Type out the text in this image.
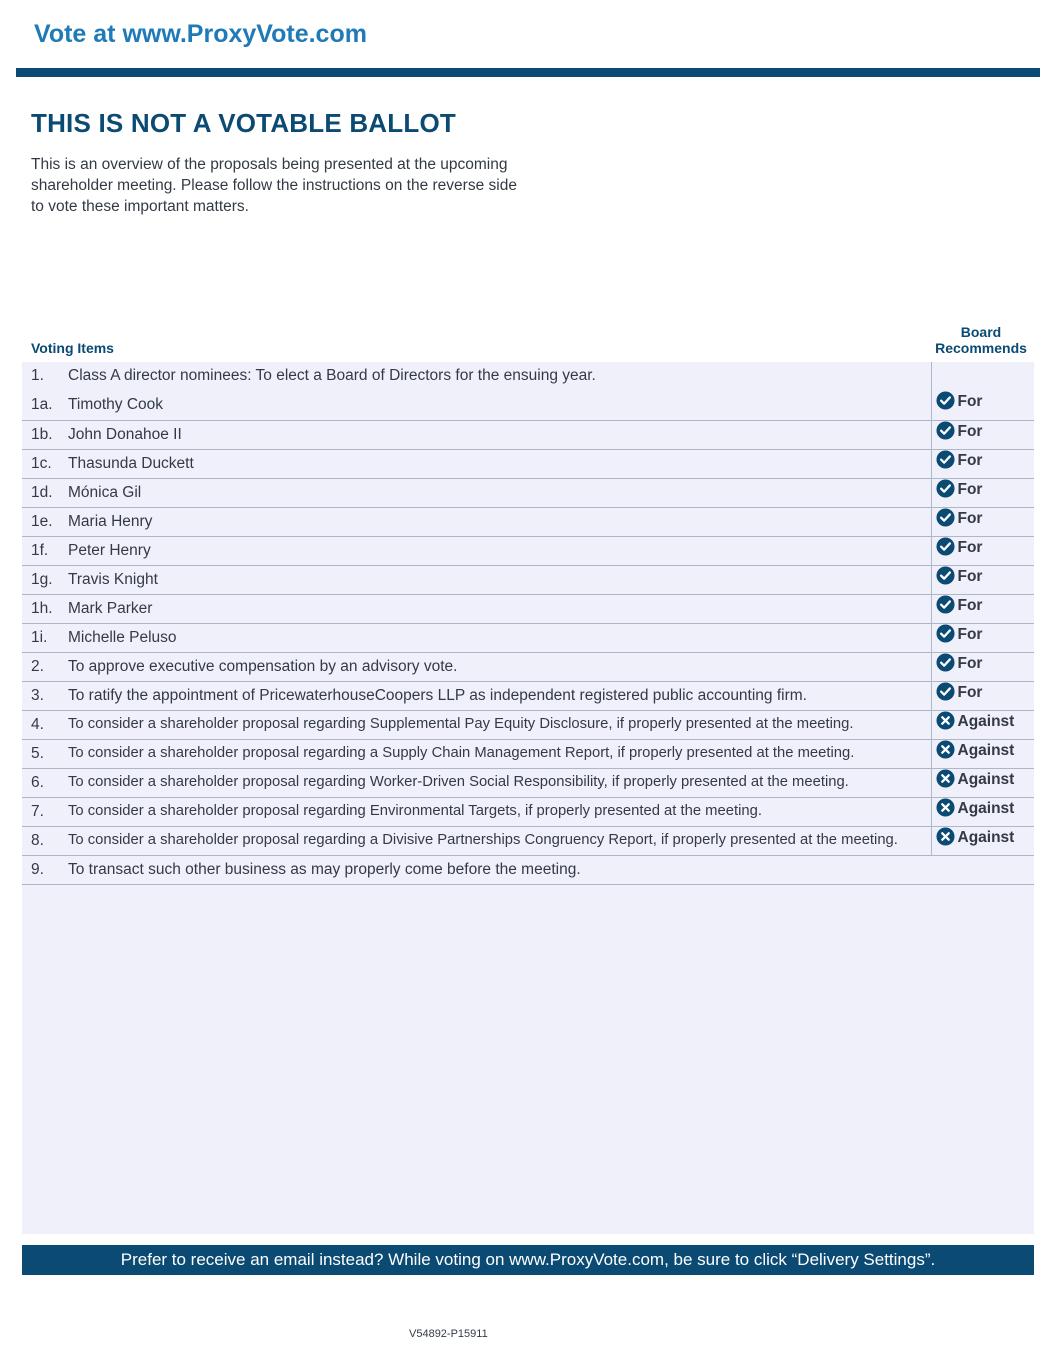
Vote at www.ProxyVote.com
THIS IS NOT A VOTABLE BALLOT
This is an overview of the proposals being presented at the upcoming shareholder meeting. Please follow the instructions on the reverse side to vote these important matters.
Voting Items
Board
Recommends
1.	Class A director nominees: To elect a Board of Directors for the ensuing year.	
1a.	Timothy Cook	For
1b.	John Donahoe II	For
1c.	Thasunda Duckett	For
1d.	Mónica Gil	For
1e.	Maria Henry	For
1f.	Peter Henry	For
1g.	Travis Knight	For
1h.	Mark Parker	For
1i.	Michelle Peluso	For
2.	To approve executive compensation by an advisory vote.	For
3.	To ratify the appointment of PricewaterhouseCoopers LLP as independent registered public accounting firm.	For
4.	To consider a shareholder proposal regarding Supplemental Pay Equity Disclosure, if properly presented at the meeting.	Against
5.	To consider a shareholder proposal regarding a Supply Chain Management Report, if properly presented at the meeting.	Against
6.	To consider a shareholder proposal regarding Worker-Driven Social Responsibility, if properly presented at the meeting.	Against
7.	To consider a shareholder proposal regarding Environmental Targets, if properly presented at the meeting.	Against
8.	To consider a shareholder proposal regarding a Divisive Partnerships Congruency Report, if properly presented at the meeting.	Against
9.	To transact such other business as may properly come before the meeting.	
Prefer to receive an email instead? While voting on www.ProxyVote.com, be sure to click “Delivery Settings”.
V54892-P15911
